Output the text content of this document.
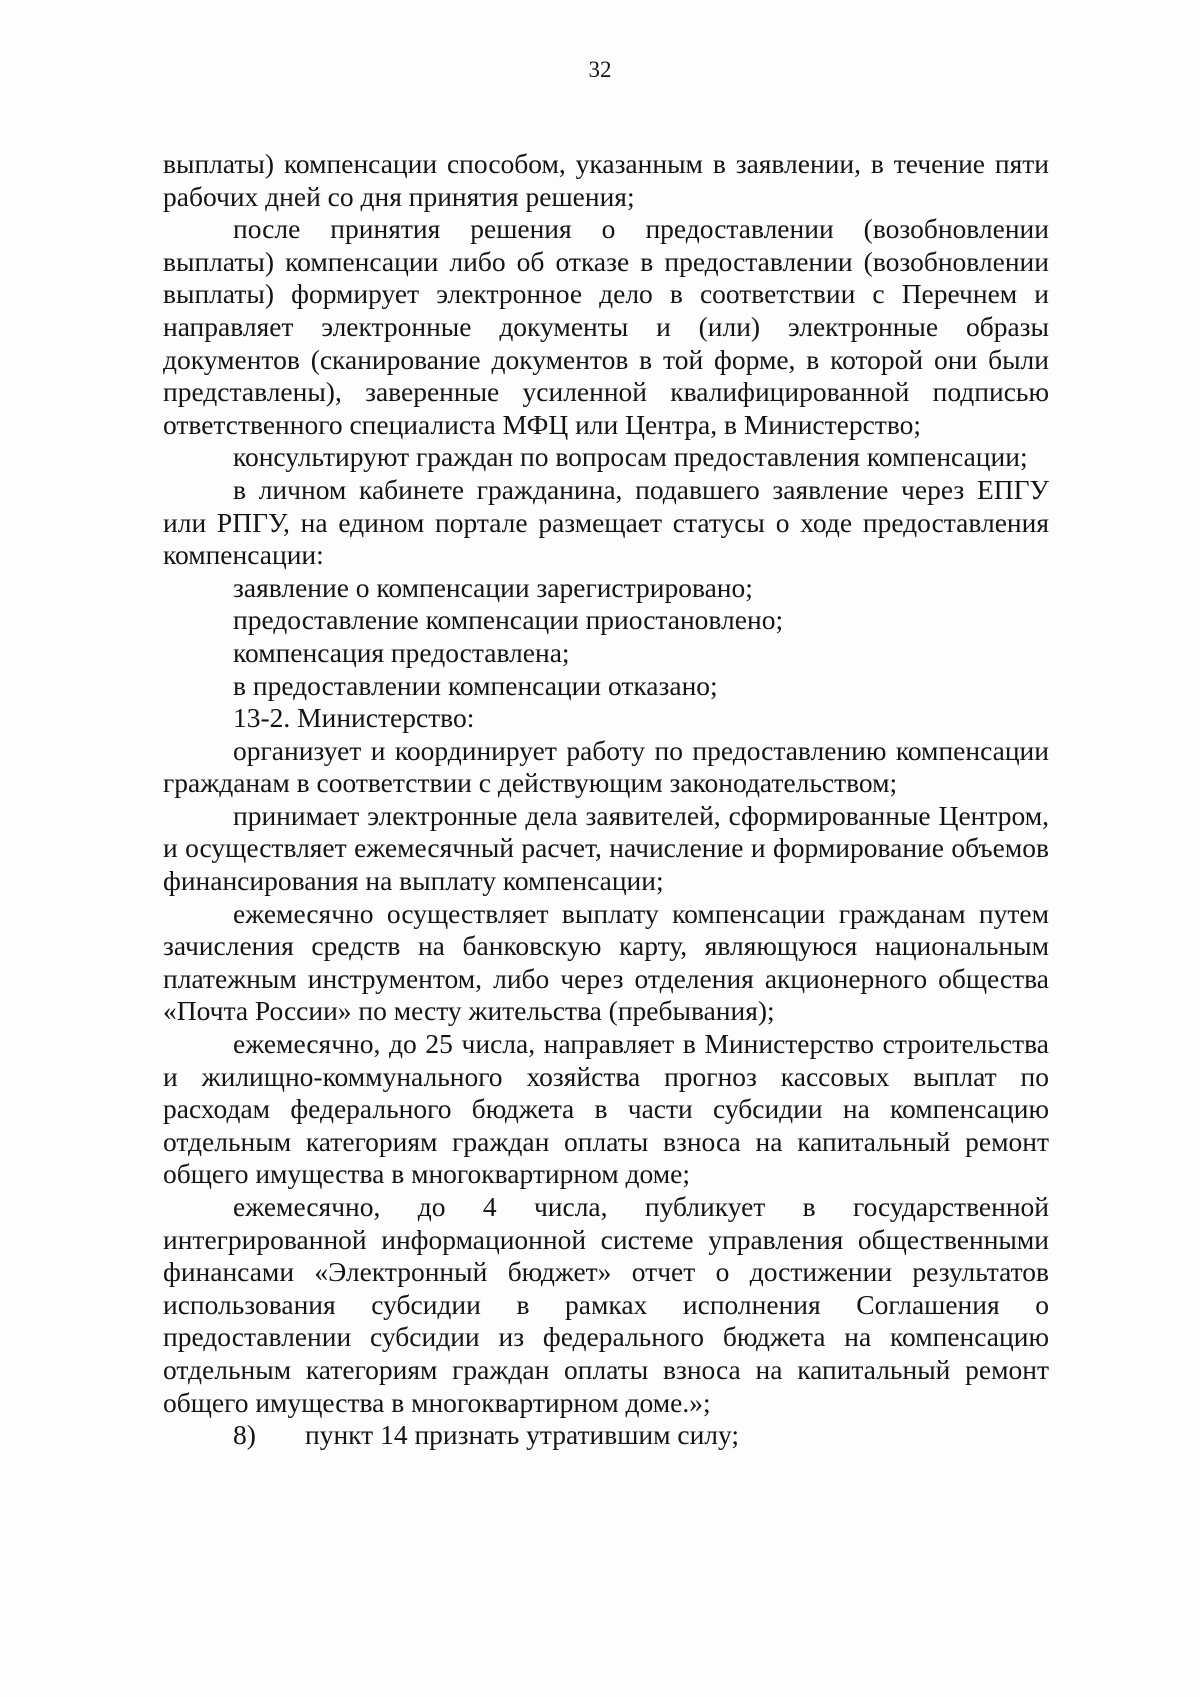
32

выплаты) компенсации способом, указанным в заявлении, в течение пяти рабочих дней со дня принятия решения;

после принятия решения о предоставлении (возобновлении выплаты) компенсации либо об отказе в предоставлении (возобновлении выплаты) формирует электронное дело в соответствии с Перечнем и направляет электронные документы и (или) электронные образы документов (сканирование документов в той форме, в которой они были представлены), заверенные усиленной квалифицированной подписью ответственного специалиста МФЦ или Центра, в Министерство;

консультируют граждан по вопросам предоставления компенсации;

в личном кабинете гражданина, подавшего заявление через ЕПГУ или РПГУ, на едином портале размещает статусы о ходе предоставления компенсации:

заявление о компенсации зарегистрировано;

предоставление компенсации приостановлено;

компенсация предоставлена;

в предоставлении компенсации отказано;

13-2. Министерство:

организует и координирует работу по предоставлению компенсации гражданам в соответствии с действующим законодательством;

принимает электронные дела заявителей, сформированные Центром, и осуществляет ежемесячный расчет, начисление и формирование объемов финансирования на выплату компенсации;

ежемесячно осуществляет выплату компенсации гражданам путем зачисления средств на банковскую карту, являющуюся национальным платежным инструментом, либо через отделения акционерного общества «Почта России» по месту жительства (пребывания);

ежемесячно, до 25 числа, направляет в Министерство строительства и жилищно-коммунального хозяйства прогноз кассовых выплат по расходам федерального бюджета в части субсидии на компенсацию отдельным категориям граждан оплаты взноса на капитальный ремонт общего имущества в многоквартирном доме;

ежемесячно, до 4 числа, публикует в государственной интегрированной информационной системе управления общественными финансами «Электронный бюджет» отчет о достижении результатов использования субсидии в рамках исполнения Соглашения о предоставлении субсидии из федерального бюджета на компенсацию отдельным категориям граждан оплаты взноса на капитальный ремонт общего имущества в многоквартирном доме.»;

8) пункт 14 признать утратившим силу;
